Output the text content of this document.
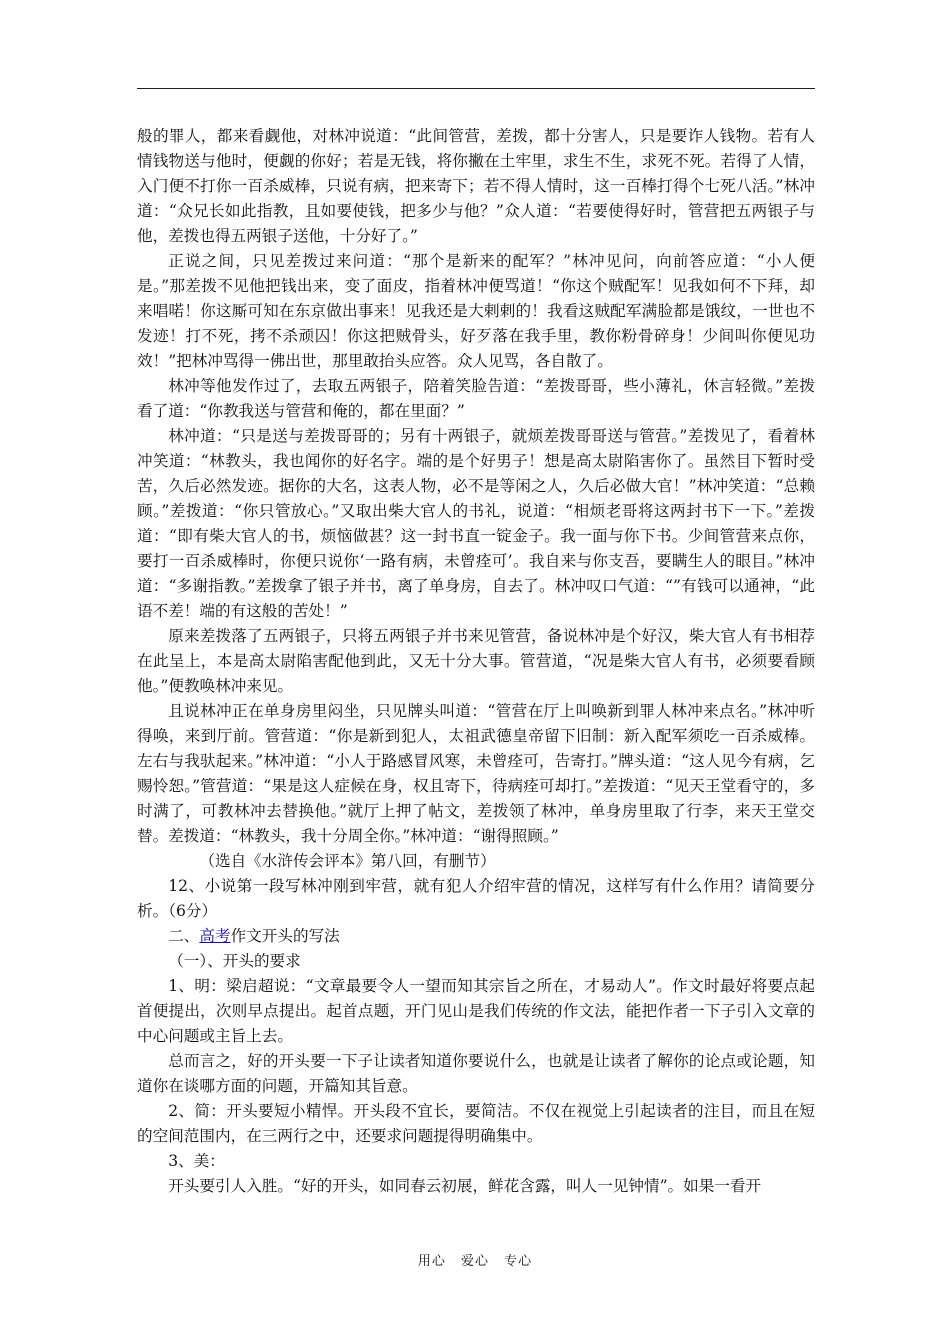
般的罪人，都来看觑他，对林冲说道：“此间管营，差拨，都十分害人，只是要诈人钱物。若有人情钱物送与他时，便觑的你好；若是无钱，将你撇在土牢里，求生不生，求死不死。若得了人情，入门便不打你一百杀威棒，只说有病，把来寄下；若不得人情时，这一百棒打得个七死八活。”林冲道：“众兄长如此指教，且如要使钱，把多少与他？”众人道：“若要使得好时，管营把五两银子与他，差拨也得五两银子送他，十分好了。”

正说之间，只见差拨过来问道：“那个是新来的配军？”林冲见问，向前答应道：“小人便是。”那差拨不见他把钱出来，变了面皮，指着林冲便骂道！“你这个贼配军！见我如何不下拜，却来唱喏！你这厮可知在东京做出事来！见我还是大剌剌的！我看这贼配军满脸都是饿纹，一世也不发迹！打不死，拷不杀顽囚！你这把贼骨头，好歹落在我手里，教你粉骨碎身！少间叫你便见功效！”把林冲骂得一佛出世，那里敢抬头应答。众人见骂，各自散了。

林冲等他发作过了，去取五两银子，陪着笑脸告道：“差拨哥哥，些小薄礼，休言轻微。”差拨看了道：“你教我送与管营和俺的，都在里面？”

林冲道：“只是送与差拨哥哥的；另有十两银子，就烦差拨哥哥送与管营。”差拨见了，看着林冲笑道：“林教头，我也闻你的好名字。端的是个好男子！想是高太尉陷害你了。虽然目下暂时受苦，久后必然发迹。据你的大名，这表人物，必不是等闲之人，久后必做大官！”林冲笑道：“总赖顾。”差拨道：“你只管放心。”又取出柴大官人的书礼，说道：“相烦老哥将这两封书下一下。”差拨道：“即有柴大官人的书，烦恼做甚？这一封书直一锭金子。我一面与你下书。少间管营来点你，要打一百杀威棒时，你便只说你‘一路有病，未曾痊可’。我自来与你支吾，要瞒生人的眼目。”林冲道：“多谢指教。”差拨拿了银子并书，离了单身房，自去了。林冲叹口气道：“”有钱可以通神，“此语不差！端的有这般的苦处！”

原来差拨落了五两银子，只将五两银子并书来见管营，备说林冲是个好汉，柴大官人有书相荐在此呈上，本是高太尉陷害配他到此，又无十分大事。管营道，“况是柴大官人有书，必须要看顾他。”便教唤林冲来见。

且说林冲正在单身房里闷坐，只见牌头叫道：“管营在厅上叫唤新到罪人林冲来点名。”林冲听得唤，来到厅前。管营道：“你是新到犯人，太祖武德皇帝留下旧制：新入配军须吃一百杀威棒。左右与我驮起来。”林冲道：“小人于路感冒风寒，未曾痊可，告寄打。”牌头道：“这人见今有病，乞赐怜恕。”管营道：“果是这人症候在身，权且寄下，待病痊可却打。”差拨道：“见天王堂看守的，多时满了，可教林冲去替换他。”就厅上押了帖文，差拨领了林冲，单身房里取了行李，来天王堂交替。差拨道：“林教头，我十分周全你。”林冲道：“谢得照顾。”

（选自《水浒传会评本》第八回，有删节）

12、小说第一段写林冲刚到牢营，就有犯人介绍牢营的情况，这样写有什么作用？请简要分析。（6分）

二、高考作文开头的写法

（一）、开头的要求

1、明：梁启超说：“文章最要令人一望而知其宗旨之所在，才易动人”。作文时最好将要点起首便提出，次则早点提出。起首点题，开门见山是我们传统的作文法，能把作者一下子引入文章的中心问题或主旨上去。

总而言之，好的开头要一下子让读者知道你要说什么，也就是让读者了解你的论点或论题，知道你在谈哪方面的问题，开篇知其旨意。

2、简：开头要短小精悍。开头段不宜长，要简洁。不仅在视觉上引起读者的注目，而且在短的空间范围内，在三两行之中，还要求问题提得明确集中。

3、美：

开头要引人入胜。“好的开头，如同春云初展，鲜花含露，叫人一见钟情”。如果一看开

用心 爱心 专心
